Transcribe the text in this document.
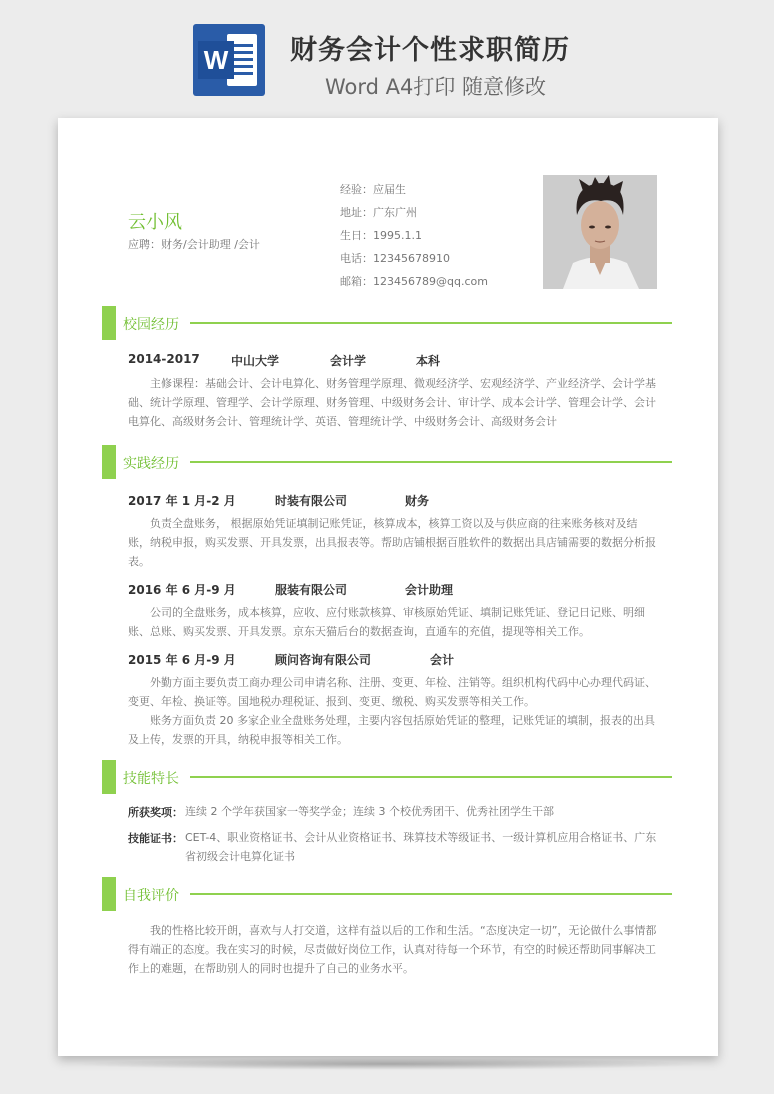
W 财务会计个性求职简历
Word A4打印 随意修改
云小风
应聘：财务/会计助理 /会计
经验：应届生
地址：广东广州
生日：1995.1.1
电话：12345678910
邮箱：123456789@qq.com
校园经历
2014-2017	中山大学	会计学	本科
主修课程：基础会计、会计电算化、财务管理学原理、微观经济学、宏观经济学、产业经济学、会计学基础、统计学原理、管理学、会计学原理、财务管理、中级财务会计、审计学、成本会计学、管理会计学、会计电算化、高级财务会计、管理统计学、英语、管理统计学、中级财务会计、高级财务会计
实践经历
2017 年 1 月-2 月	时装有限公司	财务
负责全盘账务， 根据原始凭证填制记账凭证，核算成本，核算工资以及与供应商的往来账务核对及结账，纳税申报，购买发票、开具发票，出具报表等。帮助店铺根据百胜软件的数据出具店铺需要的数据分析报表。
2016 年 6 月-9 月	服装有限公司	会计助理
公司的全盘账务，成本核算，应收、应付账款核算、审核原始凭证、填制记账凭证、登记日记账、明细账、总账、购买发票、开具发票。京东天猫后台的数据查询，直通车的充值，提现等相关工作。
2015 年 6 月-9 月	顾问咨询有限公司	会计
外勤方面主要负责工商办理公司申请名称、注册、变更、年检、注销等。组织机构代码中心办理代码证、变更、年检、换证等。国地税办理税证、报到、变更、缴税、购买发票等相关工作。
账务方面负责 20 多家企业全盘账务处理，主要内容包括原始凭证的整理，记账凭证的填制，报表的出具及上传，发票的开具，纳税申报等相关工作。
技能特长
所获奖项： 连续 2 个学年获国家一等奖学金；连续 3 个校优秀团干、优秀社团学生干部
技能证书： CET-4、职业资格证书、会计从业资格证书、珠算技术等级证书、一级计算机应用合格证书、广东省初级会计电算化证书
自我评价
我的性格比较开朗，喜欢与人打交道，这样有益以后的工作和生活。“态度决定一切”，无论做什么事情都得有端正的态度。我在实习的时候，尽责做好岗位工作，认真对待每一个环节，有空的时候还帮助同事解决工作上的难题，在帮助别人的同时也提升了自己的业务水平。
